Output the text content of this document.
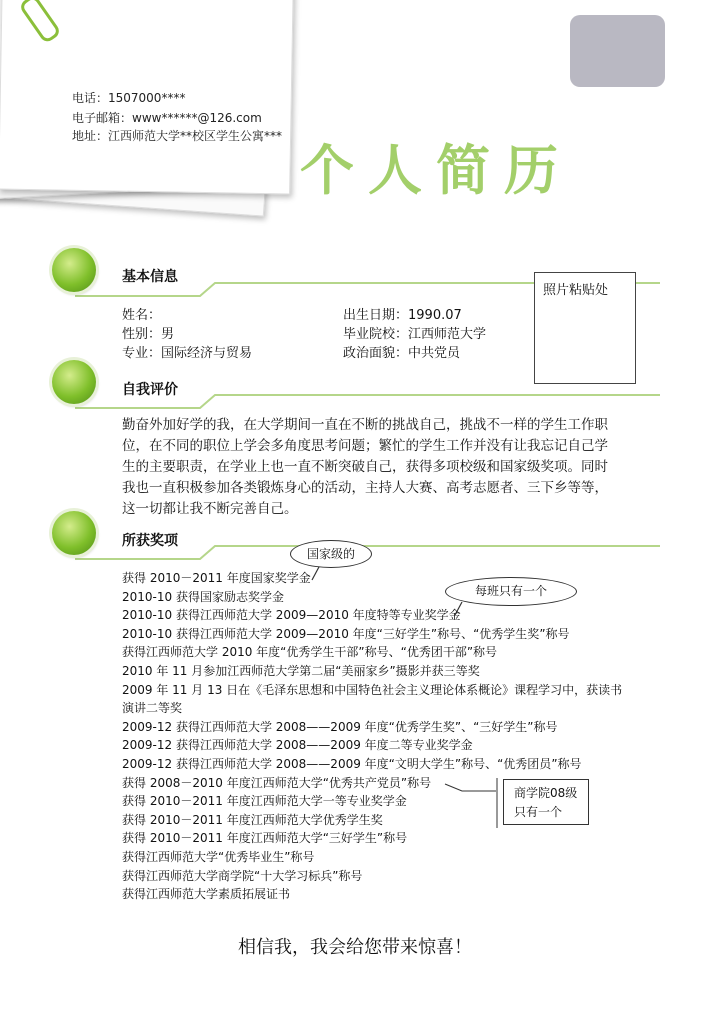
电话：1507000****
电子邮箱：www******@126.com
地址：江西师范大学**校区学生公寓***
个人简历
基本信息
自我评价
所获奖项
姓名：
性别：男
专业：国际经济与贸易
出生日期：1990.07
毕业院校：江西师范大学
政治面貌：中共党员
照片粘贴处
勤奋外加好学的我，在大学期间一直在不断的挑战自己，挑战不一样的学生工作职位，在不同的职位上学会多角度思考问题；繁忙的学生工作并没有让我忘记自己学生的主要职责，在学业上也一直不断突破自己，获得多项校级和国家级奖项。同时我也一直积极参加各类锻炼身心的活动，主持人大赛、高考志愿者、三下乡等等，这一切都让我不断完善自己。
获得 2010－2011 年度国家奖学金
2010-10 获得国家励志奖学金
2010-10 获得江西师范大学 2009—2010 年度特等专业奖学金
2010-10 获得江西师范大学 2009—2010 年度“三好学生”称号、“优秀学生奖”称号
获得江西师范大学 2010 年度“优秀学生干部”称号、“优秀团干部”称号
2010 年 11 月参加江西师范大学第二届“美丽家乡”摄影并获三等奖
2009 年 11 月 13 日在《毛泽东思想和中国特色社会主义理论体系概论》课程学习中，获读书演讲二等奖
2009-12 获得江西师范大学 2008——2009 年度“优秀学生奖”、“三好学生”称号
2009-12 获得江西师范大学 2008——2009 年度二等专业奖学金
2009-12 获得江西师范大学 2008——2009 年度“文明大学生”称号、“优秀团员”称号
获得 2008－2010 年度江西师范大学“优秀共产党员”称号
获得 2010－2011 年度江西师范大学一等专业奖学金
获得 2010－2011 年度江西师范大学优秀学生奖
获得 2010－2011 年度江西师范大学“三好学生”称号
获得江西师范大学“优秀毕业生”称号
获得江西师范大学商学院“十大学习标兵”称号
获得江西师范大学素质拓展证书
国家级的
每班只有一个
商学院08级
只有一个
相信我，我会给您带来惊喜！
